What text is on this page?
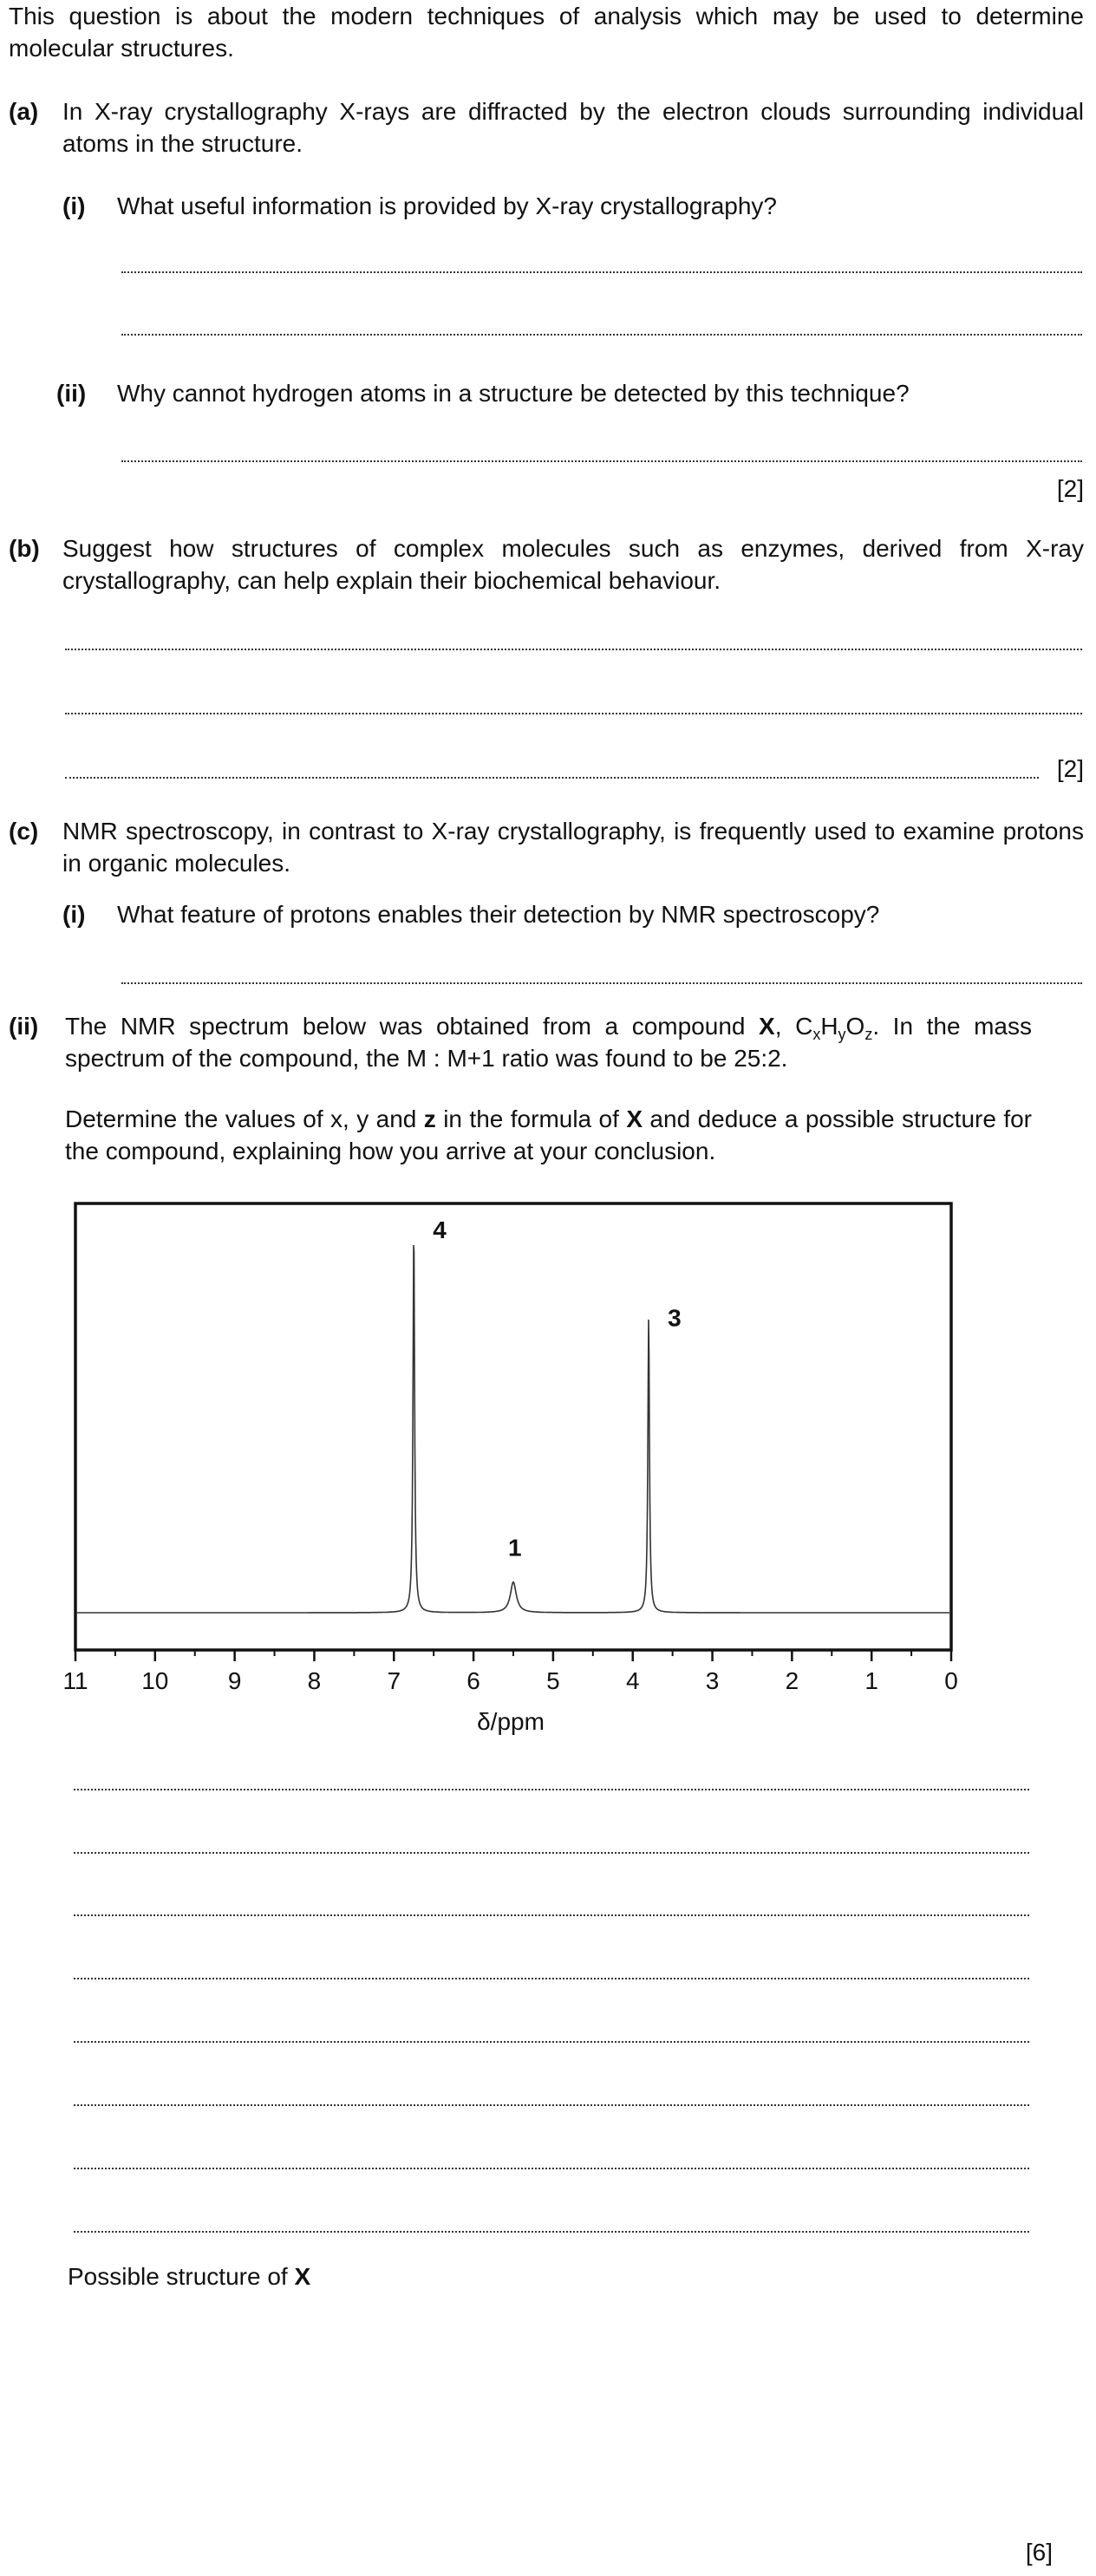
This question is about the modern techniques of analysis which may be used to determine molecular structures.
(a) In X-ray crystallography X-rays are diffracted by the electron clouds surrounding individual atoms in the structure.
(i) What useful information is provided by X-ray crystallography?
(ii) Why cannot hydrogen atoms in a structure be detected by this technique?
[2]
(b) Suggest how structures of complex molecules such as enzymes, derived from X-ray crystallography, can help explain their biochemical behaviour.
[2]
(c) NMR spectroscopy, in contrast to X-ray crystallography, is frequently used to examine protons in organic molecules.
(i) What feature of protons enables their detection by NMR spectroscopy?
(ii) The NMR spectrum below was obtained from a compound X, $C_xH_yO_z$. In the mass spectrum of the compound, the M : M+1 ratio was found to be 25:2.
Determine the values of x, y and z in the formula of X and deduce a possible structure for the compound, explaining how you arrive at your conclusion.
4
1
3
11 10 9	8	7	6	5	4	3	2	1	0
δ/ppm
Possible structure of X
[6]
